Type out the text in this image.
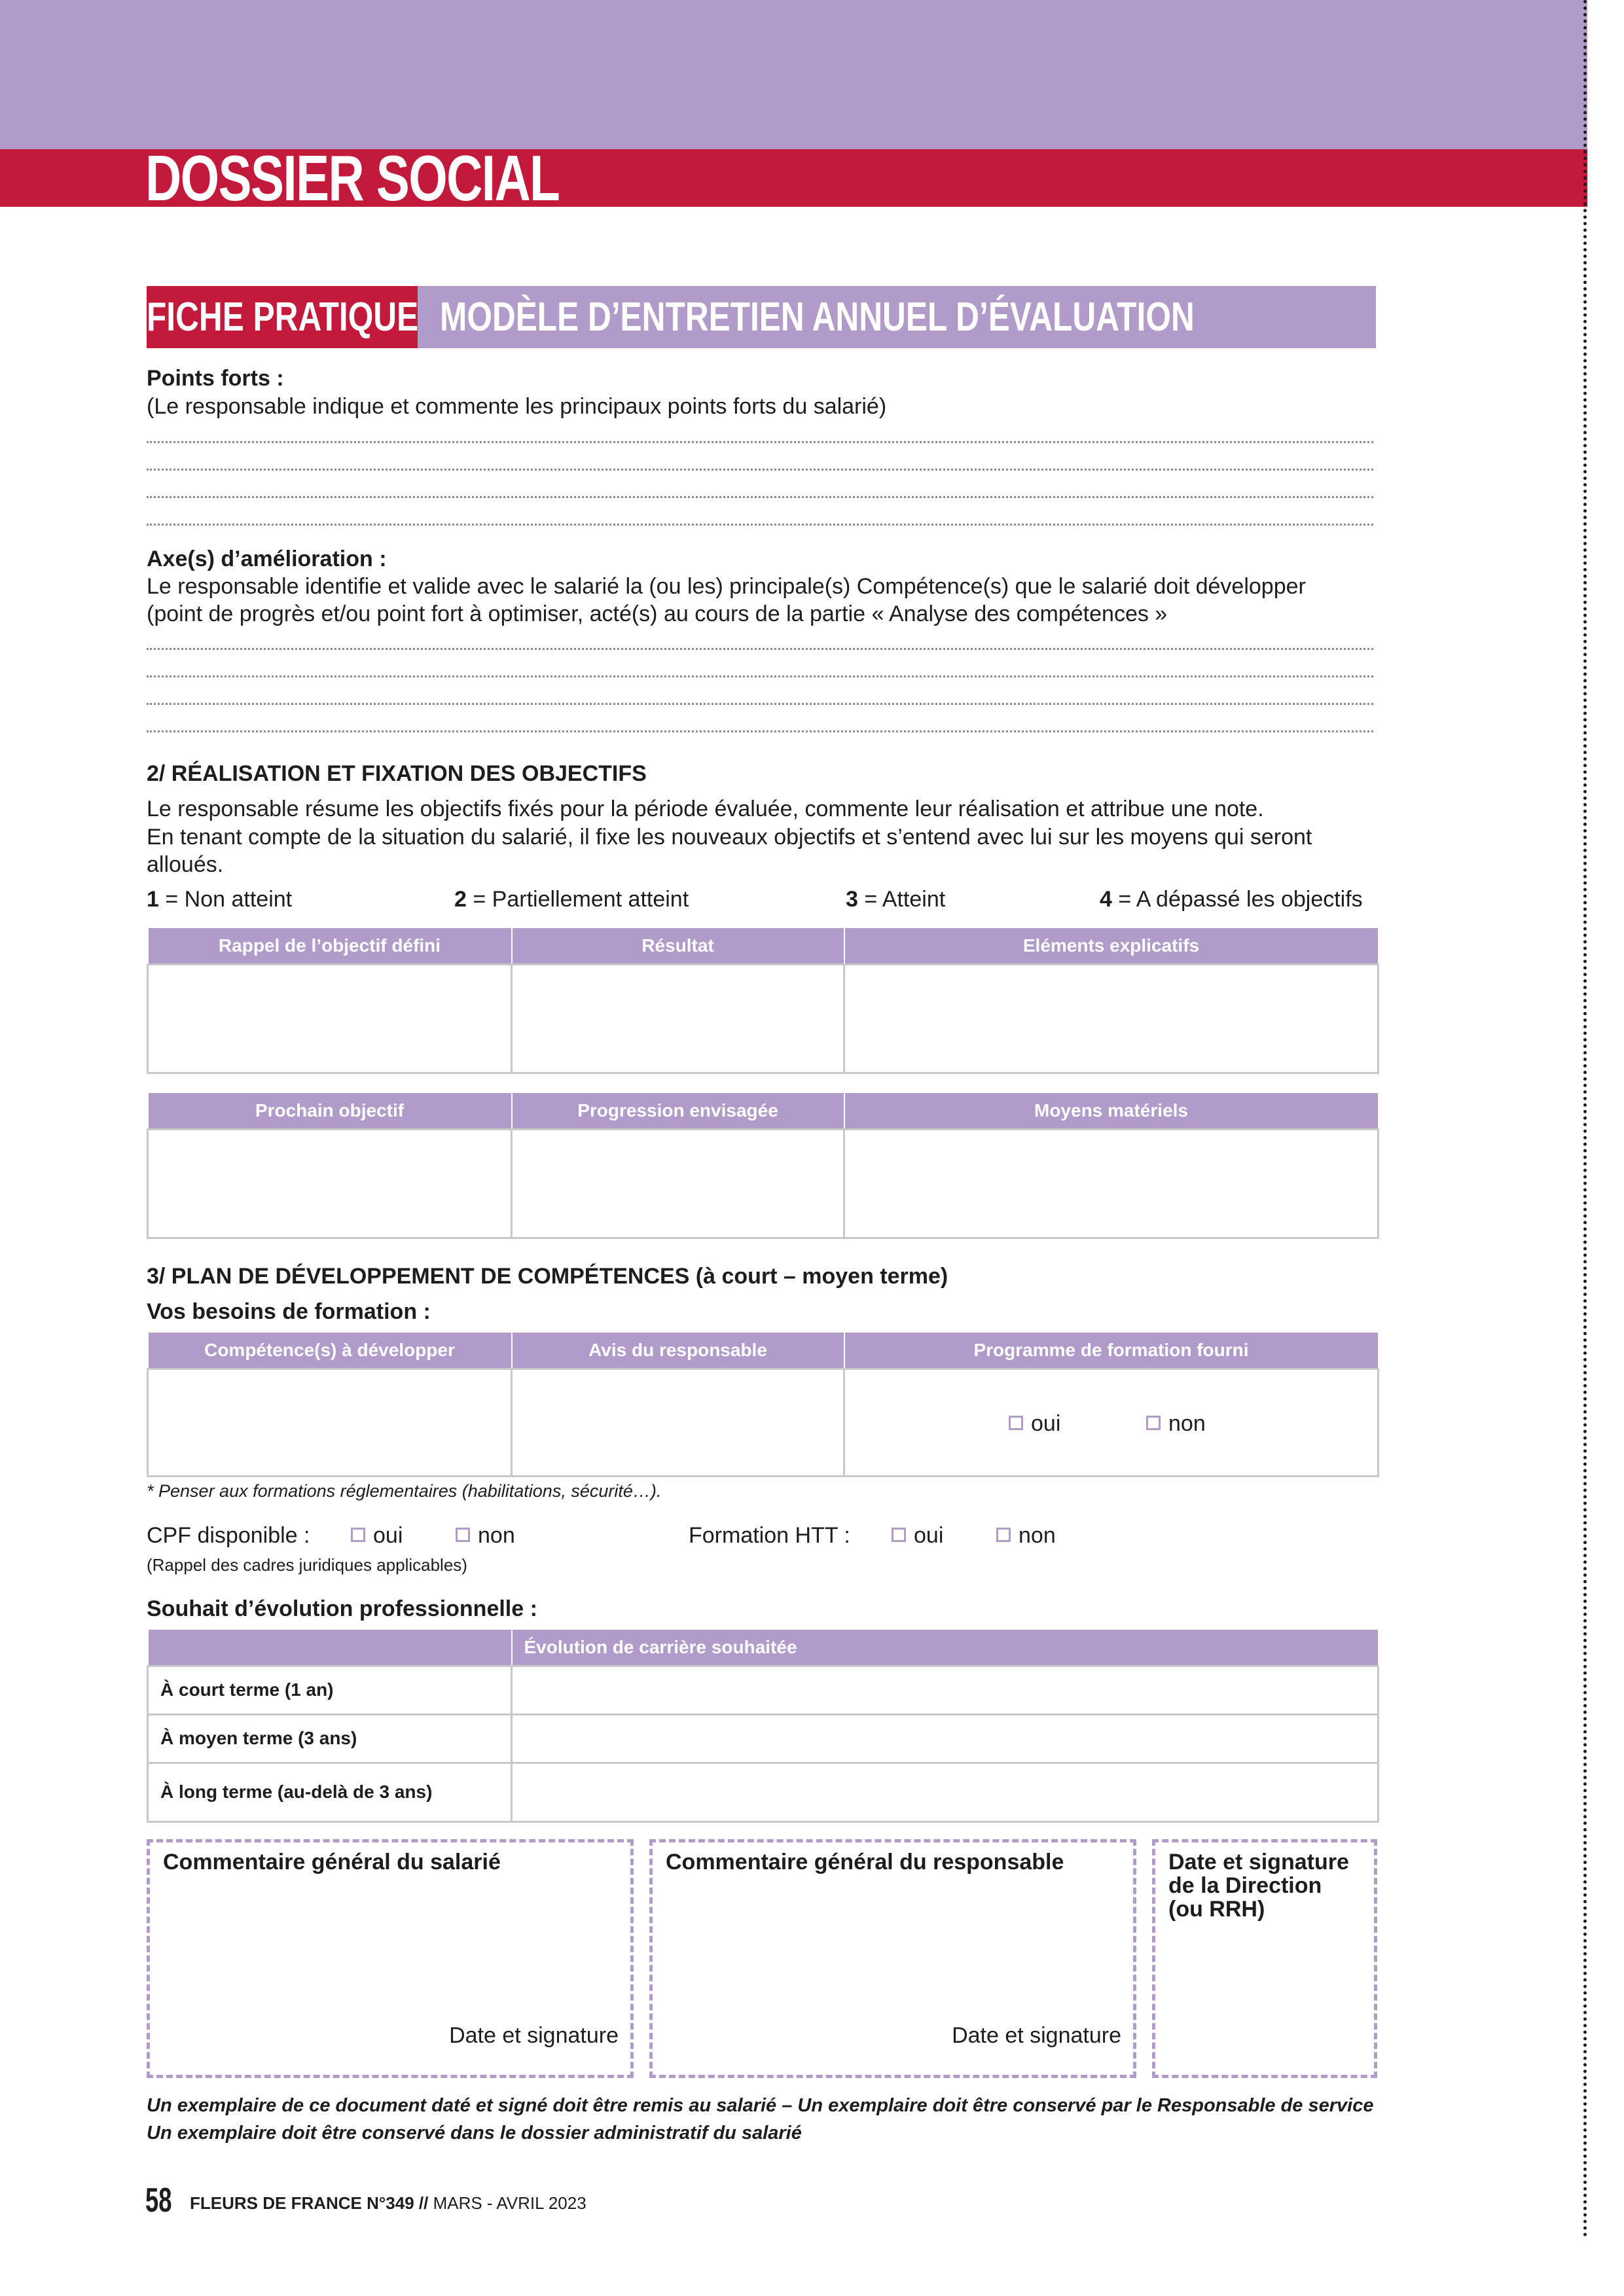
DOSSIER SOCIAL
FICHE PRATIQUE MODÈLE D’ENTRETIEN ANNUEL D’ÉVALUATION
Points forts :
(Le responsable indique et commente les principaux points forts du salarié)
Axe(s) d’amélioration :
Le responsable identifie et valide avec le salarié la (ou les) principale(s) Compétence(s) que le salarié doit développer
(point de progrès et/ou point fort à optimiser, acté(s) au cours de la partie « Analyse des compétences »
2/ RÉALISATION ET FIXATION DES OBJECTIFS
Le responsable résume les objectifs fixés pour la période évaluée, commente leur réalisation et attribue une note.
En tenant compte de la situation du salarié, il fixe les nouveaux objectifs et s’entend avec lui sur les moyens qui seront
alloués.
1 = Non atteint	2 = Partiellement atteint	3 = Atteint	4 = A dépassé les objectifs
Rappel de l’objectif défini	Résultat	Eléments explicatifs

Prochain objectif	Progression envisagée	Moyens matériels

3/ PLAN DE DÉVELOPPEMENT DE COMPÉTENCES (à court – moyen terme)
Vos besoins de formation :
Compétence(s) à développer	Avis du responsable	Programme de formation fourni

		oui non
* Penser aux formations réglementaires (habilitations, sécurité…).
CPF disponible :	oui	non
(Rappel des cadres juridiques applicables)
Formation HTT :	oui	non
Souhait d’évolution professionnelle :
	Évolution de carrière souhaitée
À court terme (1 an)	
À moyen terme (3 ans)	
À long terme (au-delà de 3 ans)	
Commentaire général du salarié
Date et signature
Commentaire général du responsable
Date et signature
Date et signature
de la Direction
(ou RRH)
Un exemplaire de ce document daté et signé doit être remis au salarié – Un exemplaire doit être conservé par le Responsable de service
Un exemplaire doit être conservé dans le dossier administratif du salarié
58 FLEURS DE FRANCE N°349 // MARS - AVRIL 2023
